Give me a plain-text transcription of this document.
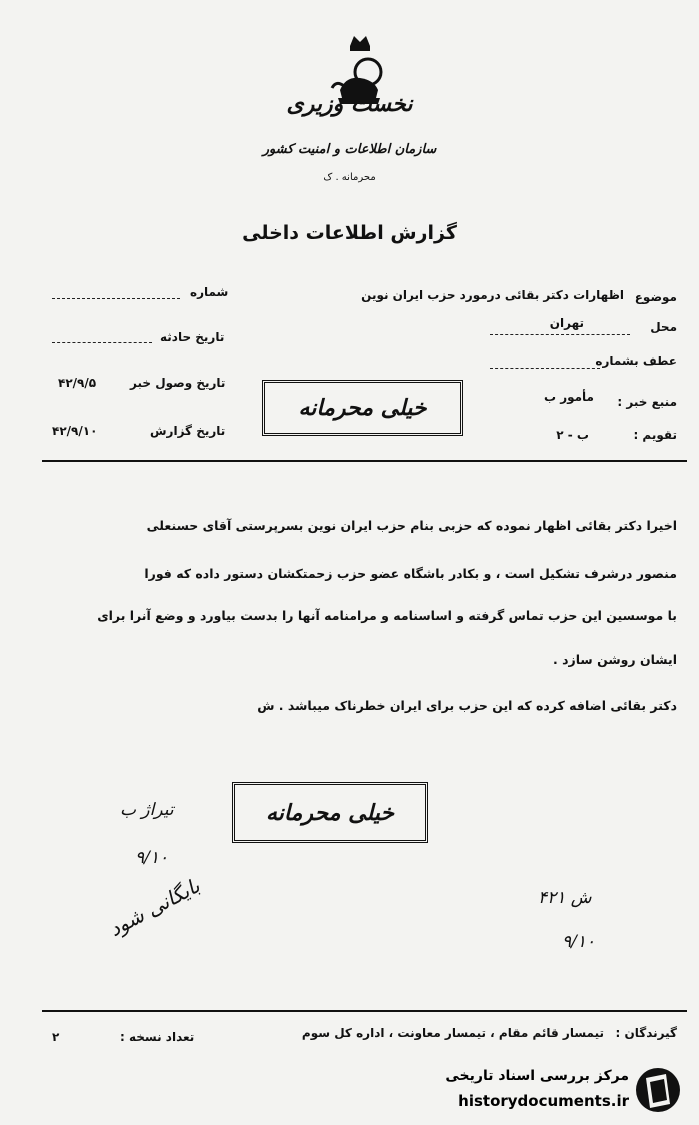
نخست وزیری
سازمان اطلاعات و امنیت کشور
محرمانه . ک
گزارش اطلاعات داخلی
موضوع
اظهارات دکتر بقائی درمورد حزب ایران نوین
محل
تهران
عطف بشماره
منبع خبر :
مأمور ب
تقویم :
ب - ۲
شماره
تاریخ حادثه
تاریخ وصول خبر
۴۲/۹/۵
تاریخ گزارش
۴۲/۹/۱۰
خیلی محرمانه
اخیرا دکتر بقائی اظهار نموده که حزبی بنام حزب ایران نوین بسرپرستی آقای حسنعلی
منصور درشرف تشکیل است ، و بکادر باشگاه عضو حزب زحمتکشان دستور داده که فورا
با موسسین این حزب تماس گرفته و اساسنامه و مرامنامه آنها را بدست بیاورد و وضع آنرا برای
ایشان روشن سازد .
دکتر بقائی اضافه کرده که این حزب برای ایران خطرناک میباشد . ش
خیلی محرمانه
تیراژ ب
۹/۱۰
ش ۴۲۱
۹/۱۰
بایگانی شود
گیرندگان :
تیمسار قائم مقام ، تیمسار معاونت ، اداره کل سوم
تعداد نسخه :
۲
مرکز بررسی اسناد تاریخی
historydocuments.ir
